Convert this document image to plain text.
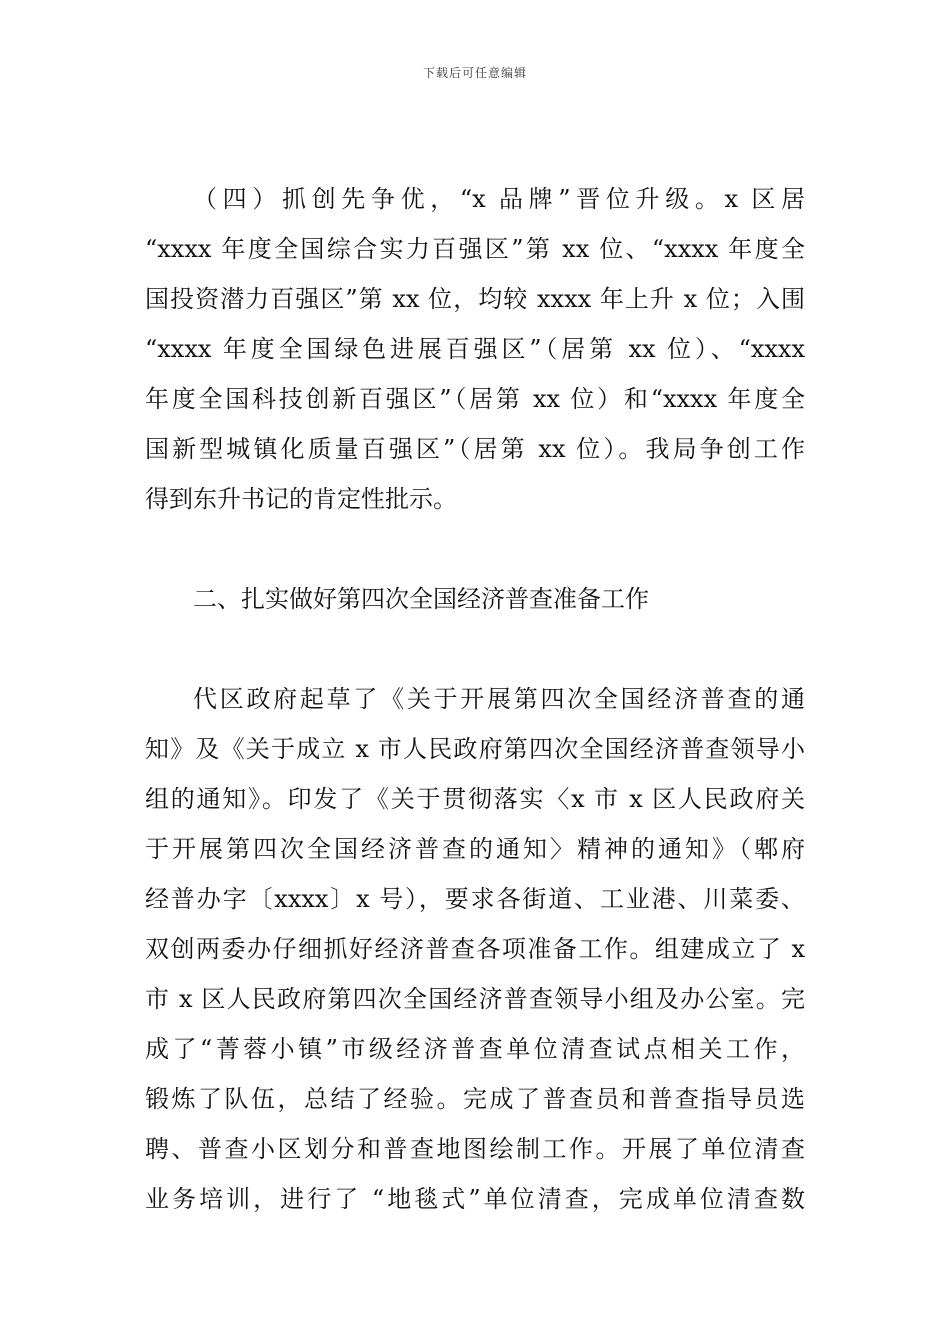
下载后可任意编辑
（四）抓创先争优，“x 品牌”晋位升级。x 区居
“xxxx 年度全国综合实力百强区”第 xx 位、“xxxx 年度全
国投资潜力百强区”第 xx 位，均较 xxxx 年上升 x 位；入围
“xxxx 年度全国绿色进展百强区”（居第 xx 位）、“xxxx
年度全国科技创新百强区”（居第 xx 位）和“xxxx 年度全
国新型城镇化质量百强区”（居第 xx 位）。我局争创工作
得到东升书记的肯定性批示。
二、扎实做好第四次全国经济普查准备工作
代区政府起草了《关于开展第四次全国经济普查的通
知》及《关于成立 x 市人民政府第四次全国经济普查领导小
组的通知》。印发了《关于贯彻落实〈x 市 x 区人民政府关
于开展第四次全国经济普查的通知〉精神的通知》（郫府
经普办字〔xxxx〕x 号），要求各街道、工业港、川菜委、
双创两委办仔细抓好经济普查各项准备工作。组建成立了 x
市 x 区人民政府第四次全国经济普查领导小组及办公室。完
成了“菁蓉小镇”市级经济普查单位清查试点相关工作，
锻炼了队伍，总结了经验。完成了普查员和普查指导员选
聘、普查小区划分和普查地图绘制工作。开展了单位清查
业务培训，进行了 “地毯式”单位清查，完成单位清查数
